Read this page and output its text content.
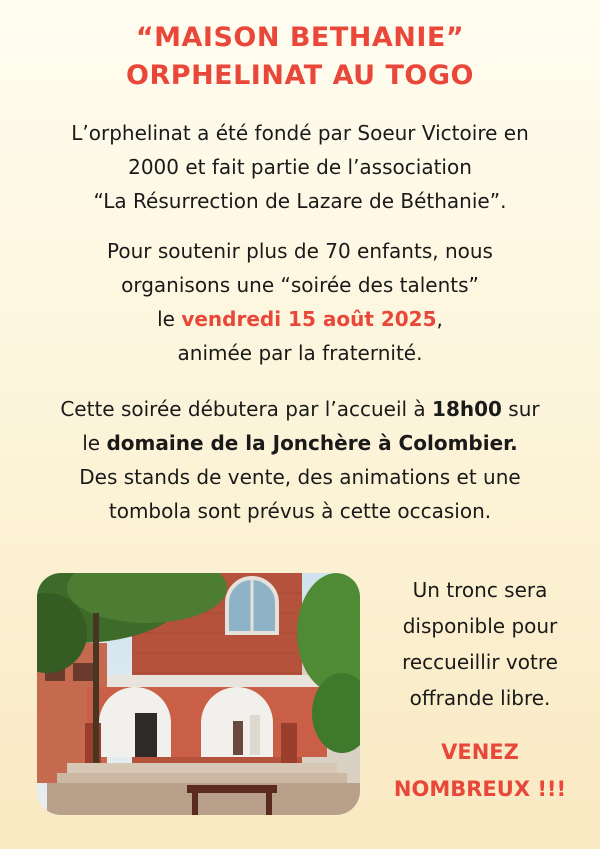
“MAISON BETHANIE”
ORPHELINAT AU TOGO
L’orphelinat a été fondé par Soeur Victoire en
2000 et fait partie de l’association
“La Résurrection de Lazare de Béthanie”.
Pour soutenir plus de 70 enfants, nous
organisons une “soirée des talents”
le vendredi 15 août 2025,
animée par la fraternité.
Cette soirée débutera par l’accueil à 18h00 sur
le domaine de la Jonchère à Colombier.
Des stands de vente, des animations et une
tombola sont prévus à cette occasion.
Un tronc sera
disponible pour
reccueillir votre
offrande libre.
VENEZ
NOMBREUX !!!
